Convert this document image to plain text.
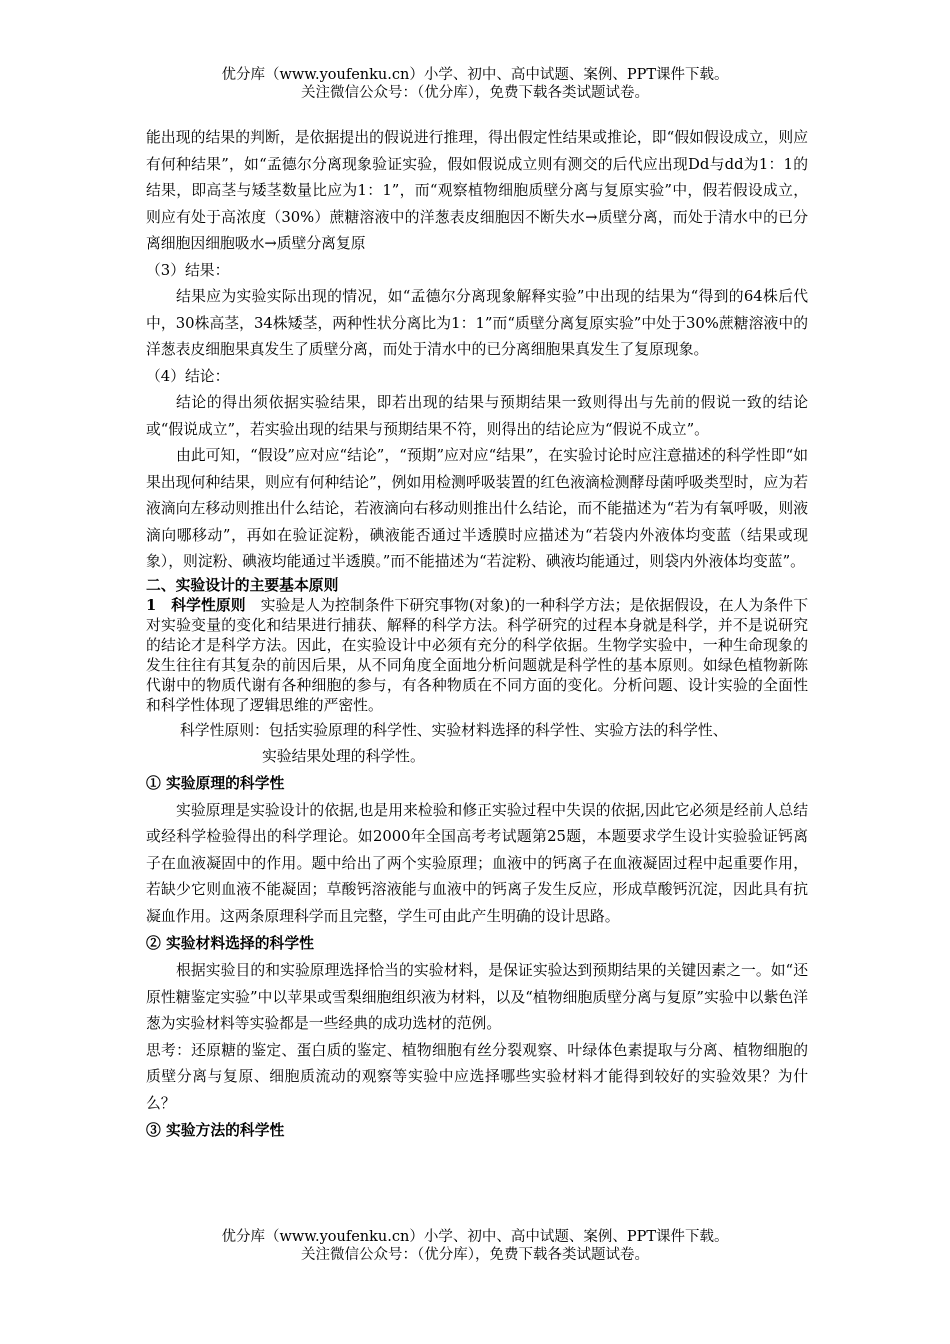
优分库（www.youfenku.cn）小学、初中、高中试题、案例、PPT课件下载。
关注微信公众号：（优分库），免费下载各类试题试卷。

能出现的结果的判断，是依据提出的假说进行推理，得出假定性结果或推论，即“假如假设成立，则应有何种结果”，如“孟德尔分离现象验证实验，假如假说成立则有测交的后代应出现Dd与dd为1：1的结果，即高茎与矮茎数量比应为1：1”，而“观察植物细胞质壁分离与复原实验”中，假若假设成立，则应有处于高浓度（30%）蔗糖溶液中的洋葱表皮细胞因不断失水→质壁分离，而处于清水中的已分离细胞因细胞吸水→质壁分离复原

（3）结果：

结果应为实验实际出现的情况，如“孟德尔分离现象解释实验”中出现的结果为“得到的64株后代中，30株高茎，34株矮茎，两种性状分离比为1：1”而“质壁分离复原实验”中处于30%蔗糖溶液中的洋葱表皮细胞果真发生了质壁分离，而处于清水中的已分离细胞果真发生了复原现象。

（4）结论：

结论的得出须依据实验结果，即若出现的结果与预期结果一致则得出与先前的假说一致的结论或“假说成立”，若实验出现的结果与预期结果不符，则得出的结论应为“假说不成立”。

由此可知，“假设”应对应“结论”，“预期”应对应“结果”，在实验讨论时应注意描述的科学性即“如果出现何种结果，则应有何种结论”，例如用检测呼吸装置的红色液滴检测酵母菌呼吸类型时，应为若液滴向左移动则推出什么结论，若液滴向右移动则推出什么结论，而不能描述为“若为有氧呼吸，则液滴向哪移动”，再如在验证淀粉，碘液能否通过半透膜时应描述为“若袋内外液体均变蓝（结果或现象），则淀粉、碘液均能通过半透膜。”而不能描述为“若淀粉、碘液均能通过，则袋内外液体均变蓝”。

二、实验设计的主要基本原则

1　科学性原则　实验是人为控制条件下研究事物(对象)的一种科学方法；是依据假设，在人为条件下对实验变量的变化和结果进行捕获、解释的科学方法。科学研究的过程本身就是科学，并不是说研究的结论才是科学方法。因此，在实验设计中必须有充分的科学依据。生物学实验中，一种生命现象的发生往往有其复杂的前因后果，从不同角度全面地分析问题就是科学性的基本原则。如绿色植物新陈代谢中的物质代谢有各种细胞的参与，有各种物质在不同方面的变化。分析问题、设计实验的全面性和科学性体现了逻辑思维的严密性。

科学性原则：包括实验原理的科学性、实验材料选择的科学性、实验方法的科学性、

实验结果处理的科学性。

① 实验原理的科学性

实验原理是实验设计的依据,也是用来检验和修正实验过程中失误的依据,因此它必须是经前人总结或经科学检验得出的科学理论。如2000年全国高考考试题第25题，本题要求学生设计实验验证钙离子在血液凝固中的作用。题中给出了两个实验原理；血液中的钙离子在血液凝固过程中起重要作用，若缺少它则血液不能凝固；草酸钙溶液能与血液中的钙离子发生反应，形成草酸钙沉淀，因此具有抗凝血作用。这两条原理科学而且完整，学生可由此产生明确的设计思路。

② 实验材料选择的科学性

根据实验目的和实验原理选择恰当的实验材料，是保证实验达到预期结果的关键因素之一。如“还原性糖鉴定实验”中以苹果或雪梨细胞组织液为材料，以及“植物细胞质壁分离与复原”实验中以紫色洋葱为实验材料等实验都是一些经典的成功选材的范例。

思考：还原糖的鉴定、蛋白质的鉴定、植物细胞有丝分裂观察、叶绿体色素提取与分离、植物细胞的质壁分离与复原、细胞质流动的观察等实验中应选择哪些实验材料才能得到较好的实验效果？为什么？

③ 实验方法的科学性

优分库（www.youfenku.cn）小学、初中、高中试题、案例、PPT课件下载。
关注微信公众号：（优分库），免费下载各类试题试卷。
